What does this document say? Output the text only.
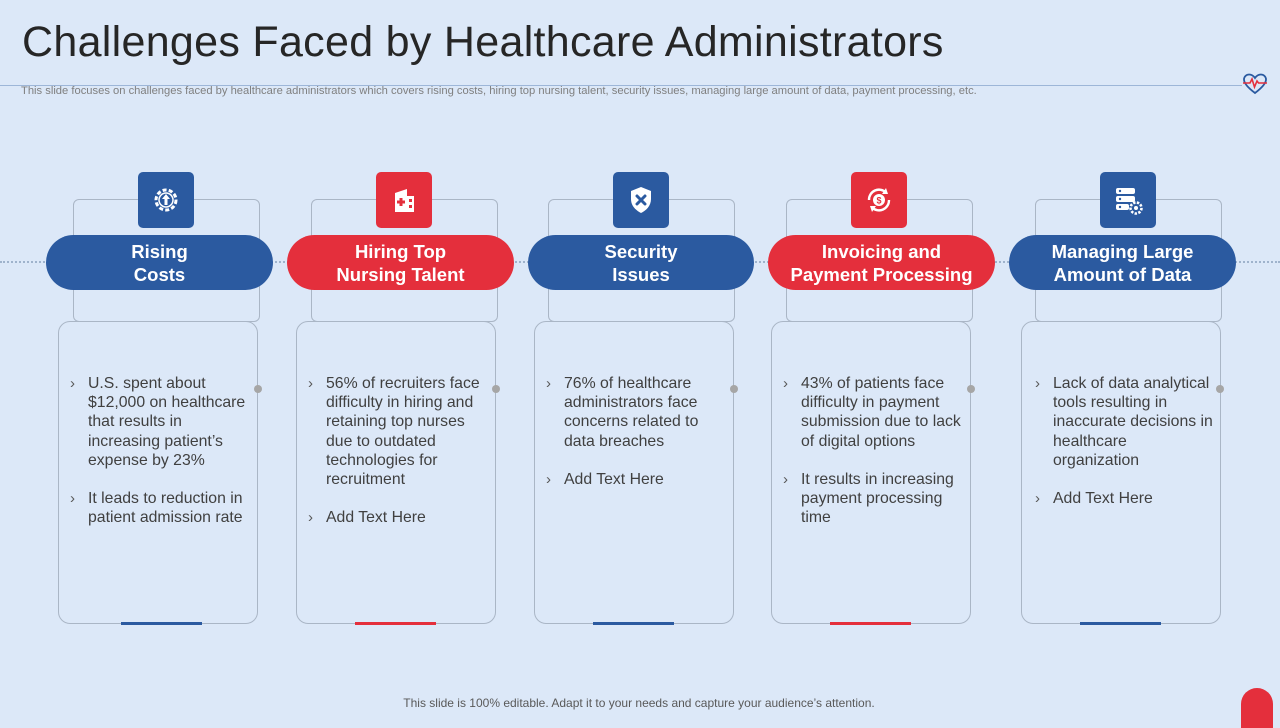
Challenges Faced by Healthcare Administrators
This slide focuses on challenges faced by healthcare administrators which covers rising costs, hiring top nursing talent, security issues, managing large amount of data, payment processing, etc.
Rising
Costs
› U.S. spent about $12,000 on healthcare that results in increasing patient’s expense by 23%
› It leads to reduction in patient admission rate
Hiring Top
Nursing Talent
› 56% of recruiters face difficulty in hiring and retaining top nurses due to outdated technologies for recruitment
› Add Text Here
Security
Issues
› 76% of healthcare administrators face concerns related to data breaches
› Add Text Here
$
Invoicing and
Payment Processing
› 43% of patients face difficulty in payment submission due to lack of digital options
› It results in increasing payment processing time
Managing Large
Amount of Data
› Lack of data analytical tools resulting in inaccurate decisions in healthcare organization
› Add Text Here
This slide is 100% editable. Adapt it to your needs and capture your audience’s attention.
